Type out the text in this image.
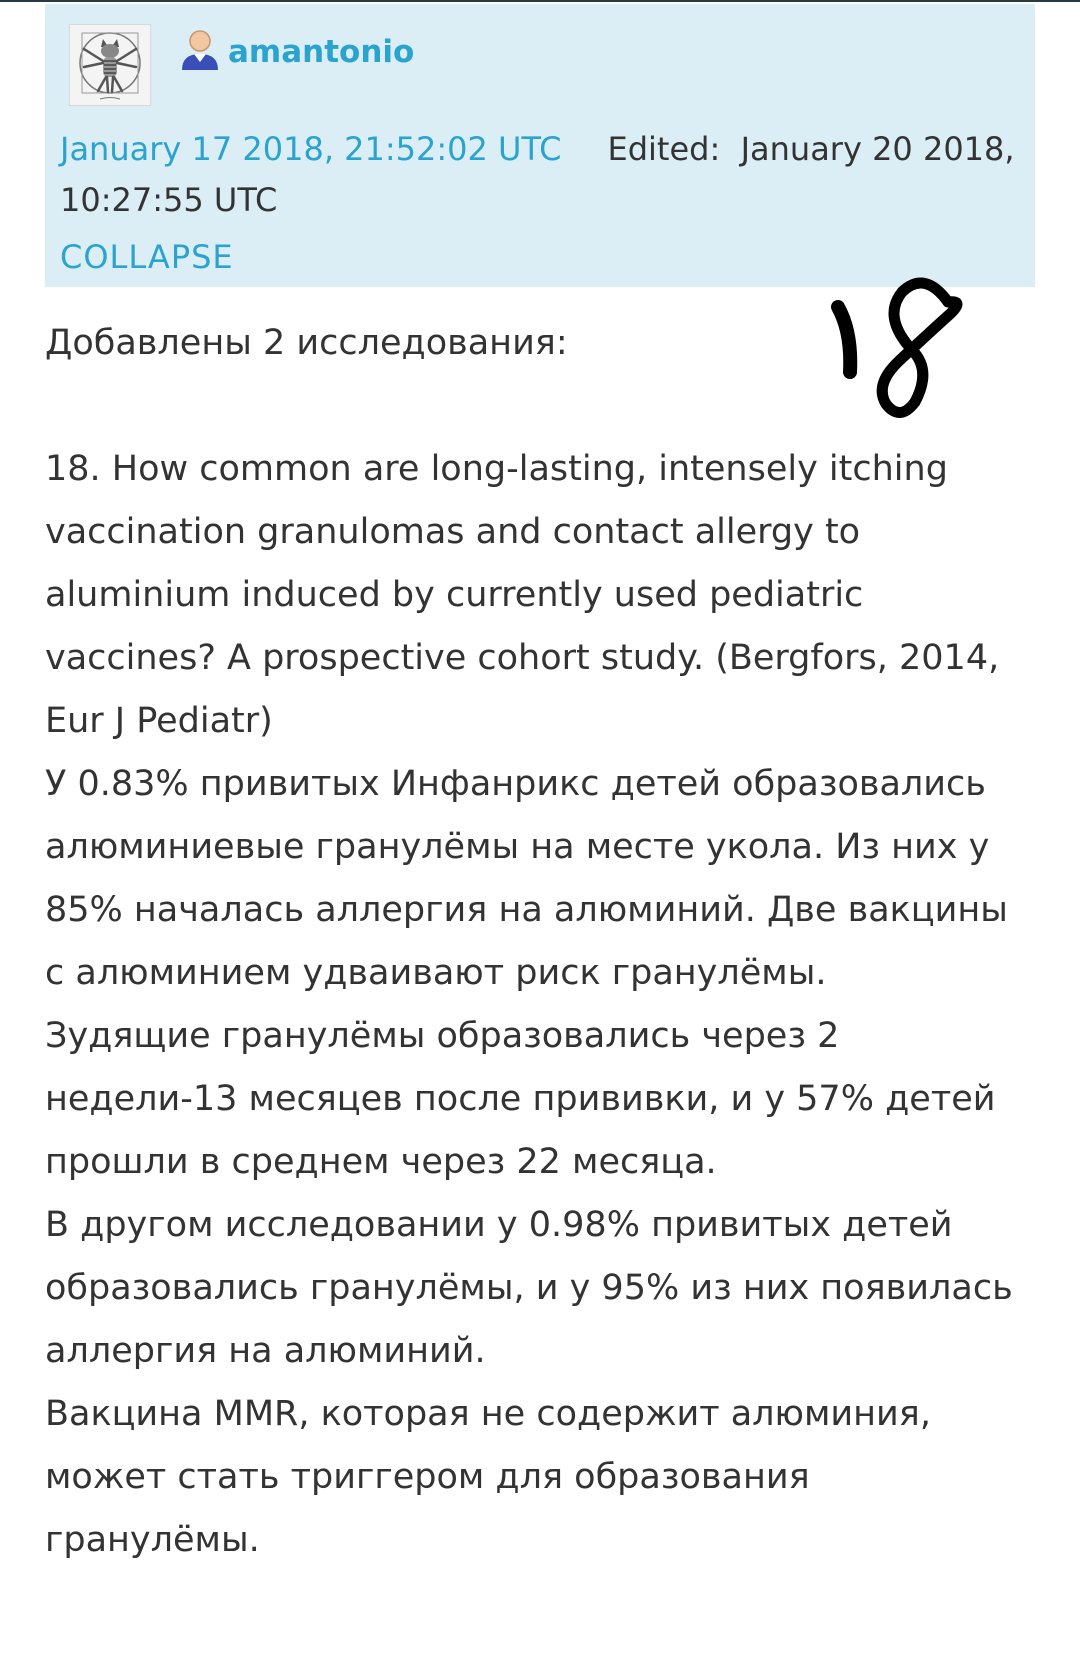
amantonio
January 17 2018, 21:52:02 UTC Edited: January 20 2018, 10:27:55 UTC
COLLAPSE

Добавлены 2 исследования:

18. How common are long-lasting, intensely itching vaccination granulomas and contact allergy to aluminium induced by currently used pediatric vaccines? A prospective cohort study. (Bergfors, 2014, Eur J Pediatr)

У 0.83% привитых Инфанрикс детей образовались алюминиевые гранулёмы на месте укола. Из них у 85% началась аллергия на алюминий. Две вакцины с алюминием удваивают риск гранулёмы.

Зудящие гранулёмы образовались через 2 недели-13 месяцев после прививки, и у 57% детей прошли в среднем через 22 месяца.

В другом исследовании у 0.98% привитых детей образовались гранулёмы, и у 95% из них появилась аллергия на алюминий.

Вакцина MMR, которая не содержит алюминия, может стать триггером для образования гранулёмы.
